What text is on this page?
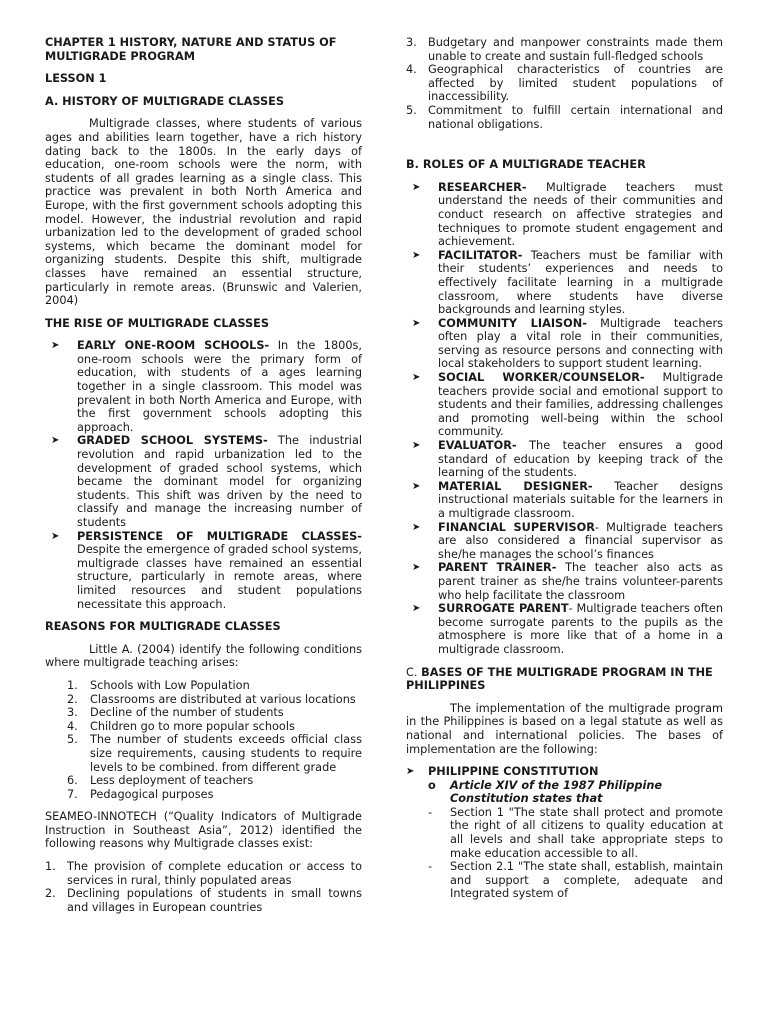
CHAPTER 1 HISTORY, NATURE AND STATUS OF MULTIGRADE PROGRAM

LESSON 1

A. HISTORY OF MULTIGRADE CLASSES

Multigrade classes, where students of various ages and abilities learn together, have a rich history dating back to the 1800s. In the early days of education, one-room schools were the norm, with students of all grades learning as a single class. This practice was prevalent in both North America and Europe, with the first government schools adopting this model. However, the industrial revolution and rapid urbanization led to the development of graded school systems, which became the dominant model for organizing students. Despite this shift, multigrade classes have remained an essential structure, particularly in remote areas. (Brunswic and Valerien, 2004)

THE RISE OF MULTIGRADE CLASSES

➤ EARLY ONE-ROOM SCHOOLS- In the 1800s, one-room schools were the primary form of education, with students of a ages learning together in a single classroom. This model was prevalent in both North America and Europe, with the first government schools adopting this approach.
➤ GRADED SCHOOL SYSTEMS- The industrial revolution and rapid urbanization led to the development of graded school systems, which became the dominant model for organizing students. This shift was driven by the need to classify and manage the increasing number of students
➤ PERSISTENCE OF MULTIGRADE CLASSES- Despite the emergence of graded school systems, multigrade classes have remained an essential structure, particularly in remote areas, where limited resources and student populations necessitate this approach.

REASONS FOR MULTIGRADE CLASSES

Little A. (2004) identify the following conditions where multigrade teaching arises:

1. Schools with Low Population
2. Classrooms are distributed at various locations
3. Decline of the number of students
4. Children go to more popular schools
5. The number of students exceeds official class size requirements, causing students to require levels to be combined. from different grade
6. Less deployment of teachers
7. Pedagogical purposes

SEAMEO-INNOTECH (“Quality Indicators of Multigrade Instruction in Southeast Asia”, 2012) identified the following reasons why Multigrade classes exist:

1. The provision of complete education or access to services in rural, thinly populated areas
2. Declining populations of students in small towns and villages in European countries
3. Budgetary and manpower constraints made them unable to create and sustain full-fledged schools
4. Geographical characteristics of countries are affected by limited student populations of inaccessibility.
5. Commitment to fulfill certain international and national obligations.

B. ROLES OF A MULTIGRADE TEACHER

➤ RESEARCHER- Multigrade teachers must understand the needs of their communities and conduct research on affective strategies and techniques to promote student engagement and achievement.
➤ FACILITATOR- Teachers must be familiar with their students’ experiences and needs to effectively facilitate learning in a multigrade classroom, where students have diverse backgrounds and learning styles.
➤ COMMUNITY LIAISON- Multigrade teachers often play a vital role in their communities, serving as resource persons and connecting with local stakeholders to support student learning.
➤ SOCIAL WORKER/COUNSELOR- Multigrade teachers provide social and emotional support to students and their families, addressing challenges and promoting well-being within the school community.
➤ EVALUATOR- The teacher ensures a good standard of education by keeping track of the learning of the students.
➤ MATERIAL DESIGNER- Teacher designs instructional materials suitable for the learners in a multigrade classroom.
➤ FINANCIAL SUPERVISOR- Multigrade teachers are also considered a financial supervisor as she/he manages the school’s finances
➤ PARENT TRAINER- The teacher also acts as parent trainer as she/he trains volunteer-parents who help facilitate the classroom
➤ SURROGATE PARENT- Multigrade teachers often become surrogate parents to the pupils as the atmosphere is more like that of a home in a multigrade classroom.

C. BASES OF THE MULTIGRADE PROGRAM IN THE PHILIPPINES

The implementation of the multigrade program in the Philippines is based on a legal statute as well as national and international policies. The bases of implementation are the following:

➤ PHILIPPINE CONSTITUTION
o Article XIV of the 1987 Philippine Constitution states that
- Section 1 "The state shall protect and promote the right of all citizens to quality education at all levels and shall take appropriate steps to make education accessible to all.
- Section 2.1 "The state shall, establish, maintain and support a complete, adequate and Integrated system of
